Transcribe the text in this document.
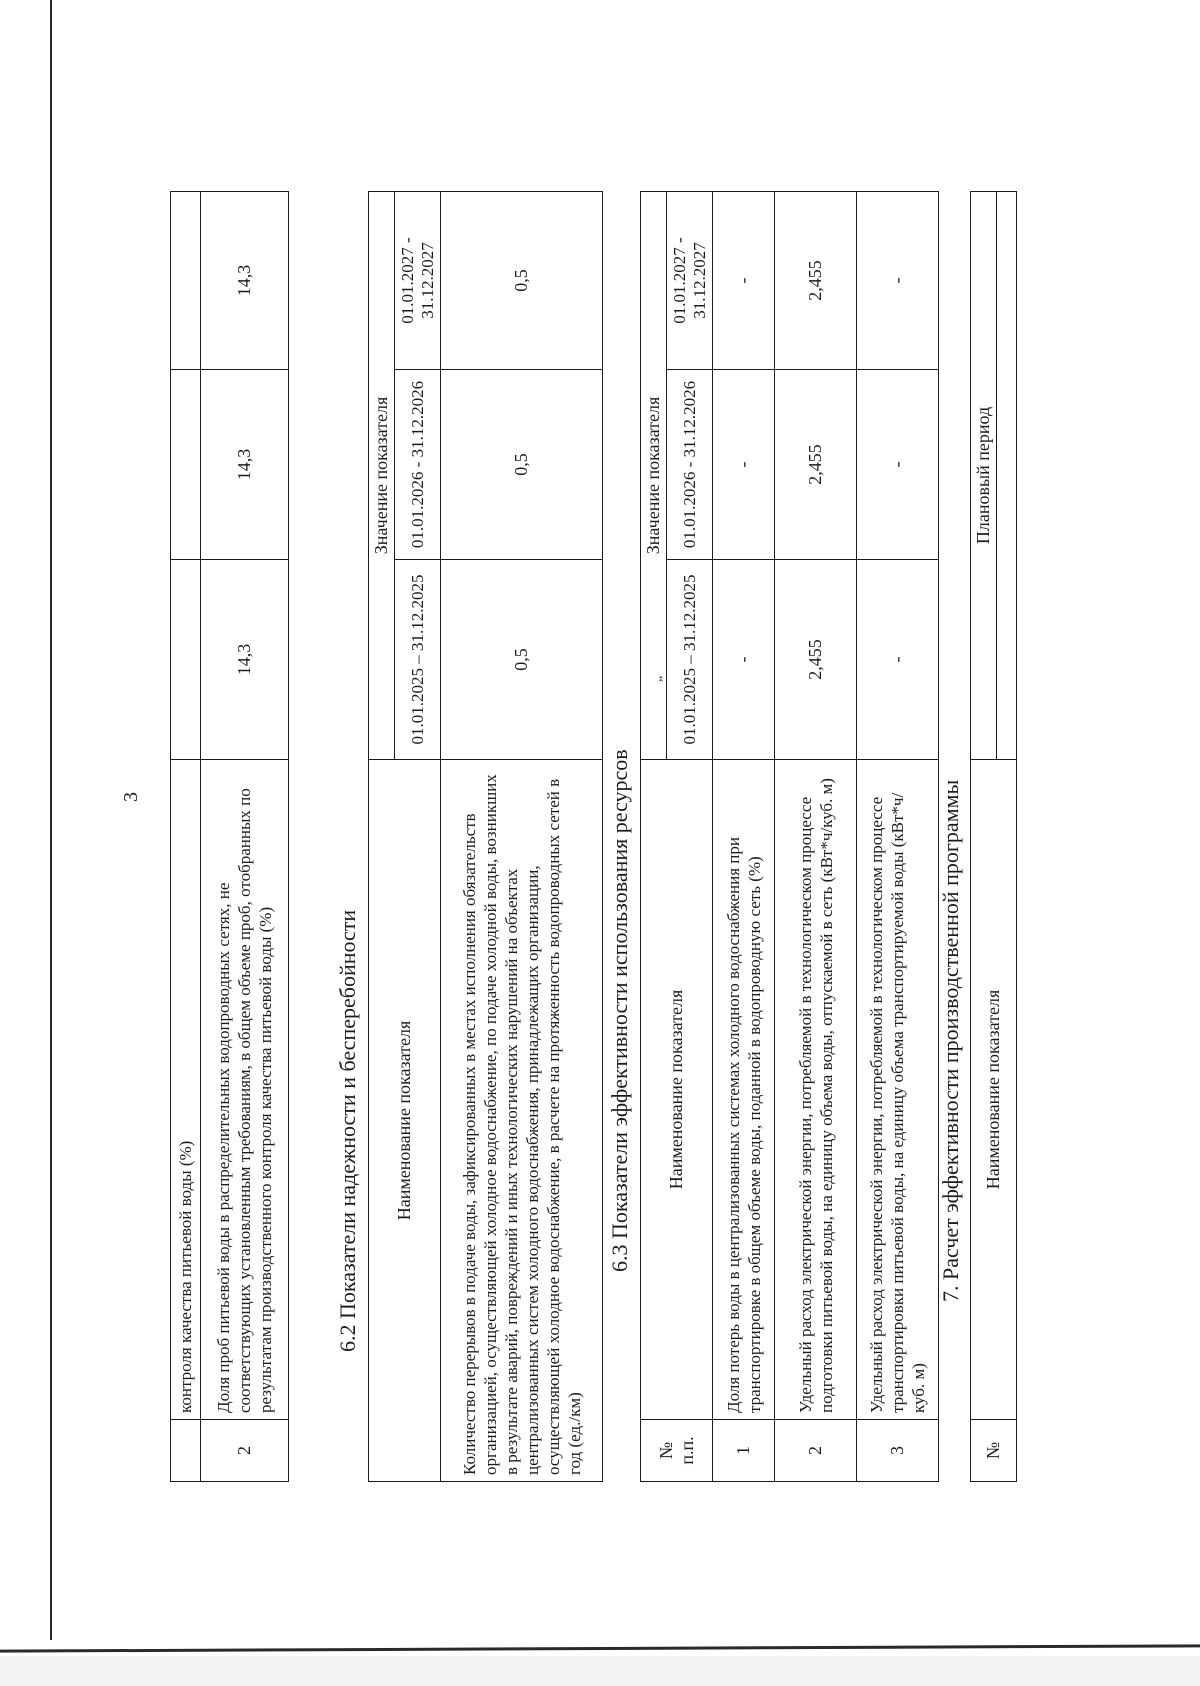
3
	контроля качества питьевой воды (%)			
2	Доля проб питьевой воды в распределительных водопроводных сетях, не соответствующих установленным требованиям, в общем объеме проб, отобранных по результатам производственного контроля качества питьевой воды (%)	14,3	14,3	14,3
6.2 Показатели надежности и бесперебойности Наименование показателя	Значение показателя		
	01.01.2025 – 31.12.2025	01.01.2026 - 31.12.2026	01.01.2027 - 31.12.2027
Количество перерывов в подаче воды, зафиксированных в местах исполнения обязательств организацией, осуществляющей холодное водоснабжение, по подаче холодной воды, возникших в результате аварий, повреждений и иных технологических нарушений на объектах централизованных систем холодного водоснабжения, принадлежащих организации, осуществляющей холодное водоснабжение, в расчете на протяженность водопроводных сетей в год (ед./км)	0,5	0,5	0,5
6.3 Показатели эффективности использования ресурсов
„
№ п.п.	Наименование показателя	Значение показателя		
		01.01.2025 – 31.12.2025	01.01.2026 - 31.12.2026	01.01.2027 - 31.12.2027
1	Доля потерь воды в централизованных системах холодного водоснабжения при транспортировке в общем объеме воды, поданной в водопроводную сеть (%)	-	-	-
2	Удельный расход электрической энергии, потребляемой в технологическом процессе подготовки питьевой воды, на единицу объема воды, отпускаемой в сеть (кВт*ч/куб. м)	2,455	2,455	2,455
3	Удельный расход электрической энергии, потребляемой в технологическом процессе транспортировки питьевой воды, на единицу объема транспортируемой воды (кВт*ч/куб. м)	-	-	-
7. Расчет эффективности производственной программы
№	Наименование показателя	Плановый период
